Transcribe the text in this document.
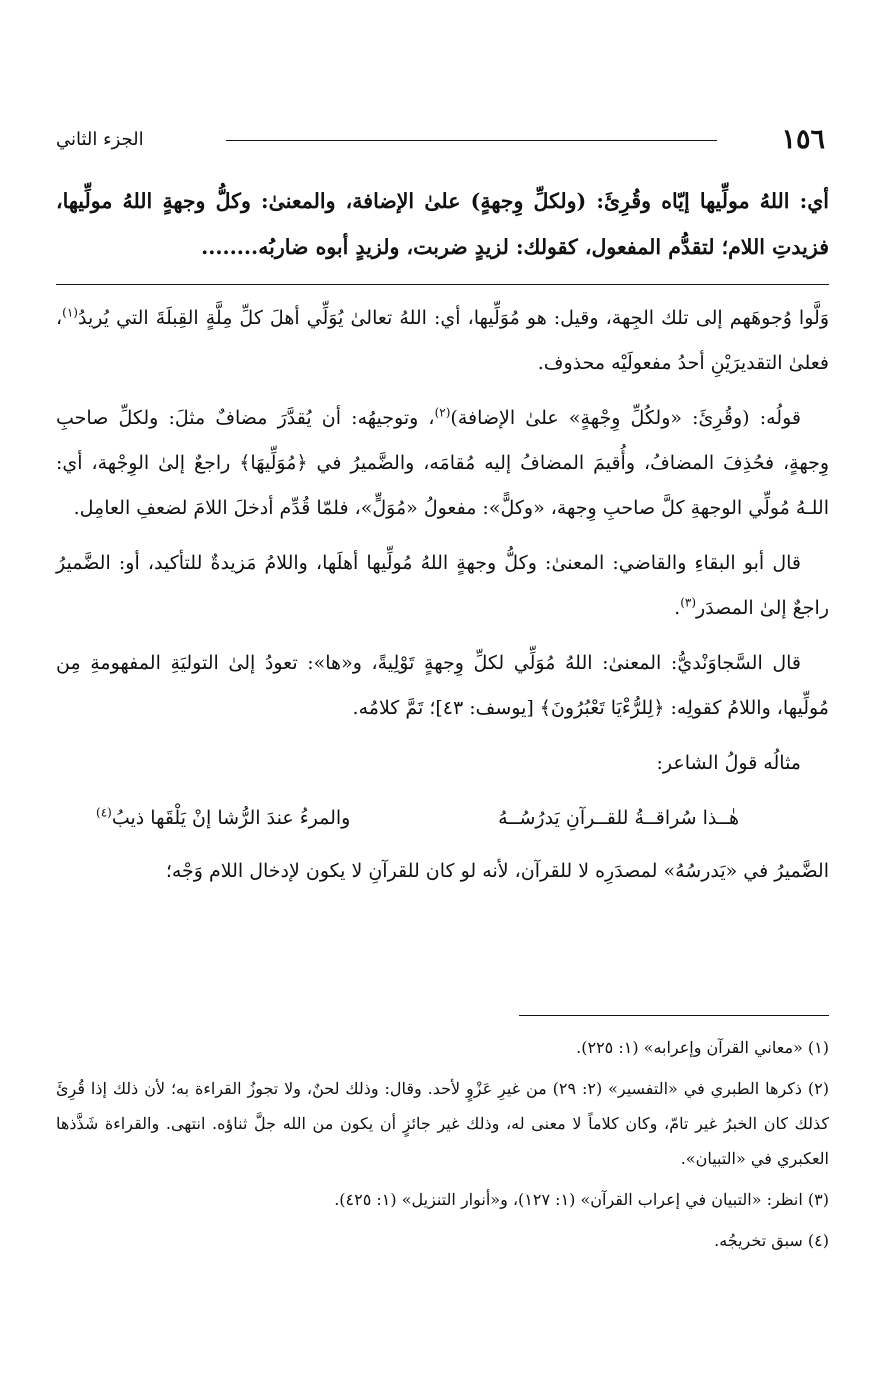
١٥٦
الجزء الثاني
أي: اللهُ مولِّيها إيّاه وقُرِئَ: (ولكلِّ وِجهةٍ) علىٰ الإضافة، والمعنىٰ: وكلُّ وجهةٍ اللهُ مولِّيها، فزيدتِ اللام؛ لتقدُّم المفعول، كقولك: لزيدٍ ضربت، ولزيدٍ أبوه ضاربُه........

وَلَّوا وُجوهَهم إلى تلك الجِهة، وقيل: هو مُوَلِّيها، أي: اللهُ تعالىٰ يُوَلِّي أهلَ كلِّ مِلَّةٍ القِبلَةَ التي يُريدُ$^{(١)}$، فعلىٰ التقديرَيْنِ أحدُ مفعولَيْه محذوف.

قولُه: (وقُرِئَ: «ولكُلِّ وِجْهةٍ» علىٰ الإضافة)$^{(٢)}$، وتوجيهُه: أن يُقدَّرَ مضافٌ مثلَ: ولكلِّ صاحبِ وِجهةٍ، فحُذِفَ المضافُ، وأُقيمَ المضافُ إليه مُقامَه، والضَّميرُ في ﴿مُوَلِّيهَا﴾ راجعٌ إلىٰ الوِجْهة، أي: اللـهُ مُولِّي الوجهةِ كلَّ صاحبِ وِجهة، «وكلًّ»: مفعولُ «مُوَلٍّ»، فلمّا قُدِّم أدخلَ اللامَ لضعفِ العامِل.

قال أبو البقاءِ والقاضي: المعنىٰ: وكلُّ وجهةٍ اللهُ مُولِّيها أهلَها، واللامُ مَزيدةٌ للتأكيد، أو: الضَّميرُ راجعٌ إلىٰ المصدَر$^{(٣)}$.

قال السَّجاوَنْديُّ: المعنىٰ: اللهُ مُوَلِّي لكلِّ وِجهةٍ تَوْلِيةً، و«ها»: تعودُ إلىٰ التوليَةِ المفهومةِ مِن مُولِّيها، واللامُ كقولِه: ﴿لِلرُّءْيَا تَعْبُرُونَ﴾ [يوسف: ٤٣]؛ تَمَّ كلامُه.

مثالُه قولُ الشاعر:

هٰــذا سُراقــةُ للقــرآنِ يَدرُسُــهُ
والمرءُ عندَ الرُّشا إنْ يَلْقَها ذيبُ$^{(٤)}$

الضَّميرُ في «يَدرسُهُ» لمصدَرِه لا للقرآن، لأنه لو كان للقرآنِ لا يكون لإدخال اللام وَجْه؛

(١) «معاني القرآن وإعرابه» (١: ٢٢٥).
(٢) ذكرها الطبري في «التفسير» (٢: ٢٩) من غيرِ عَزْوٍ لأحد. وقال: وذلك لحنٌ، ولا تجوزُ القراءة به؛ لأن ذلك إذا قُرِئَ كذلك كان الخبرُ غير تامّ، وكان كلاماً لا معنى له، وذلك غير جائزٍ أن يكون من الله جلَّ ثناؤه. انتهى. والقراءة شَذَّذها العكبري في «التبيان».
(٣) انظر: «التبيان في إعراب القرآن» (١: ١٢٧)، و«أنوار التنزيل» (١: ٤٢٥).
(٤) سبق تخريجُه.
